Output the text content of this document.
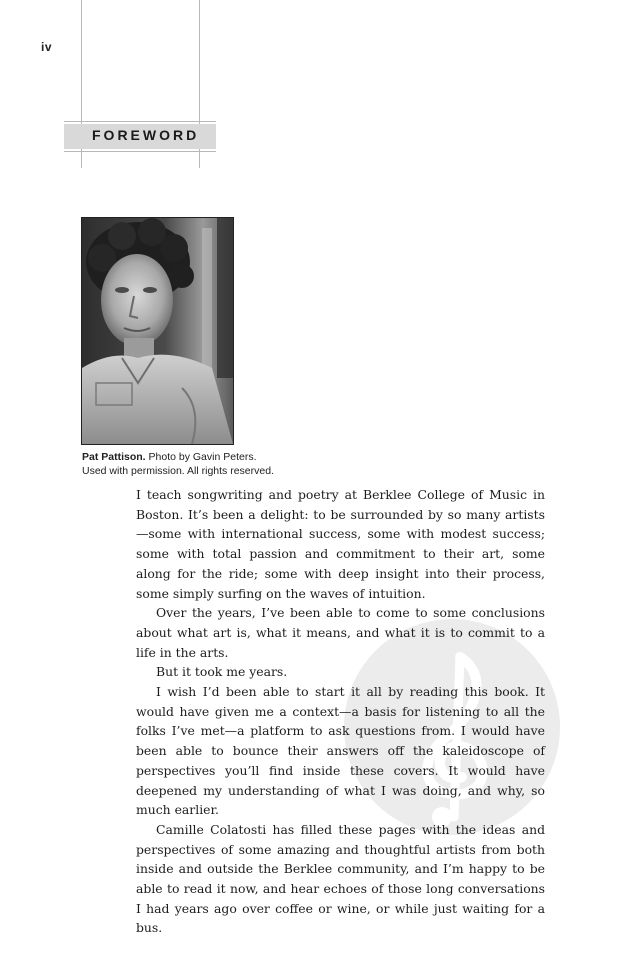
iv
FOREWORD
Pat Pattison. Photo by Gavin Peters.
Used with permission. All rights reserved.

I teach songwriting and poetry at Berklee College of Music in Boston. It’s been a delight: to be surrounded by so many artists—some with international success, some with modest success; some with total passion and commitment to their art, some along for the ride; some with deep insight into their process, some simply surfing on the waves of intuition.

Over the years, I’ve been able to come to some conclusions about what art is, what it means, and what it is to commit to a life in the arts.

But it took me years.

I wish I’d been able to start it all by reading this book. It would have given me a context—a basis for listening to all the folks I’ve met—a platform to ask questions from. I would have been able to bounce their answers off the kaleidoscope of perspectives you’ll find inside these covers. It would have deepened my understanding of what I was doing, and why, so much earlier.

Camille Colatosti has filled these pages with the ideas and perspectives of some amazing and thoughtful artists from both inside and outside the Berklee community, and I’m happy to be able to read it now, and hear echoes of those long conversations I had years ago over coffee or wine, or while just waiting for a bus.
